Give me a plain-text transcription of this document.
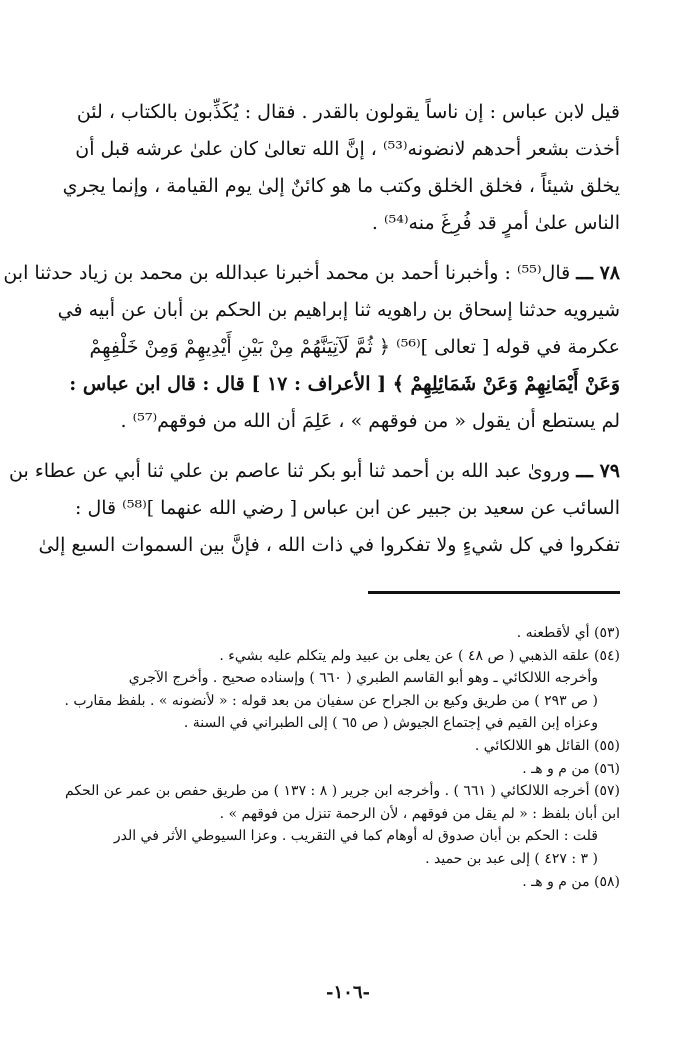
قيل لابن عباس : إن ناساً يقولون بالقدر . فقال : يُكَذِّبون بالكتاب ، لئن
أخذت بشعر أحدهم لانضونه⁽⁵³⁾ ، إنَّ الله تعالىٰ كان علىٰ عرشه قبل أن
يخلق شيئاً ، فخلق الخلق وكتب ما هو كائنٌ إلىٰ يوم القيامة ، وإنما يجري
الناس علىٰ أمرٍ قد فُرِغَ منه⁽⁵⁴⁾ .
٧٨ ـــ قال⁽⁵⁵⁾ : وأخبرنا أحمد بن محمد أخبرنا عبدالله بن محمد بن زياد حدثنا ابن
شيرويه حدثنا إسحاق بن راهويه ثنا إبراهيم بن الحكم بن أبان عن أبيه في
عكرمة في قوله [ تعالى ]⁽⁵⁶⁾ ﴿ ثُمَّ لَآتِيَنَّهُمْ مِنْ بَيْنِ أَيْدِيهِمْ وَمِنْ خَلْفِهِمْ
وَعَنْ أَيْمَانِهِمْ وَعَنْ شَمَائِلِهِمْ ﴾ [ الأعراف : ١٧ ] قال : قال ابن عباس :
لم يستطع أن يقول « من فوقهم » ، عَلِمَ أن الله من فوقهم⁽⁵⁷⁾ .
٧٩ ـــ وروىٰ عبد الله بن أحمد ثنا أبو بكر ثنا عاصم بن علي ثنا أبي عن عطاء بن
السائب عن سعيد بن جبير عن ابن عباس [ رضي الله عنهما ]⁽⁵⁸⁾ قال :
تفكروا في كل شيءٍ ولا تفكروا في ذات الله ، فإنَّ بين السموات السبع إلىٰ
(٥٣) أي لأقطعنه .
(٥٤) علقه الذهبي ( ص ٤٨ ) عن يعلى بن عبيد ولم يتكلم عليه بشيء .
وأخرجه اللالكائي ـ وهو أبو القاسم الطبري ( ٦٦٠ ) وإسناده صحيح . وأخرج الآجري
( ص ٢٩٣ ) من طريق وكيع بن الجراح عن سفيان من بعد قوله : « لأنضونه » . بلفظ مقارب .
وعزاه إبن القيم في إجتماع الجيوش ( ص ٦٥ ) إلى الطبراني في السنة .
(٥٥) القائل هو اللالكائي .
(٥٦) من م و هـ .
(٥٧) أخرجه اللالكائي ( ٦٦١ ) . وأخرجه ابن جرير ( ٨ : ١٣٧ ) من طريق حفص بن عمر عن الحكم
ابن أبان بلفظ : « لم يقل من فوقهم ، لأن الرحمة تنزل من فوقهم » .
قلت : الحكم بن أبان صدوق له أوهام كما في التقريب . وعزا السيوطي الأثر في الدر
( ٣ : ٤٢٧ ) إلى عبد بن حميد .
(٥٨) من م و هـ .
-١٠٦-
